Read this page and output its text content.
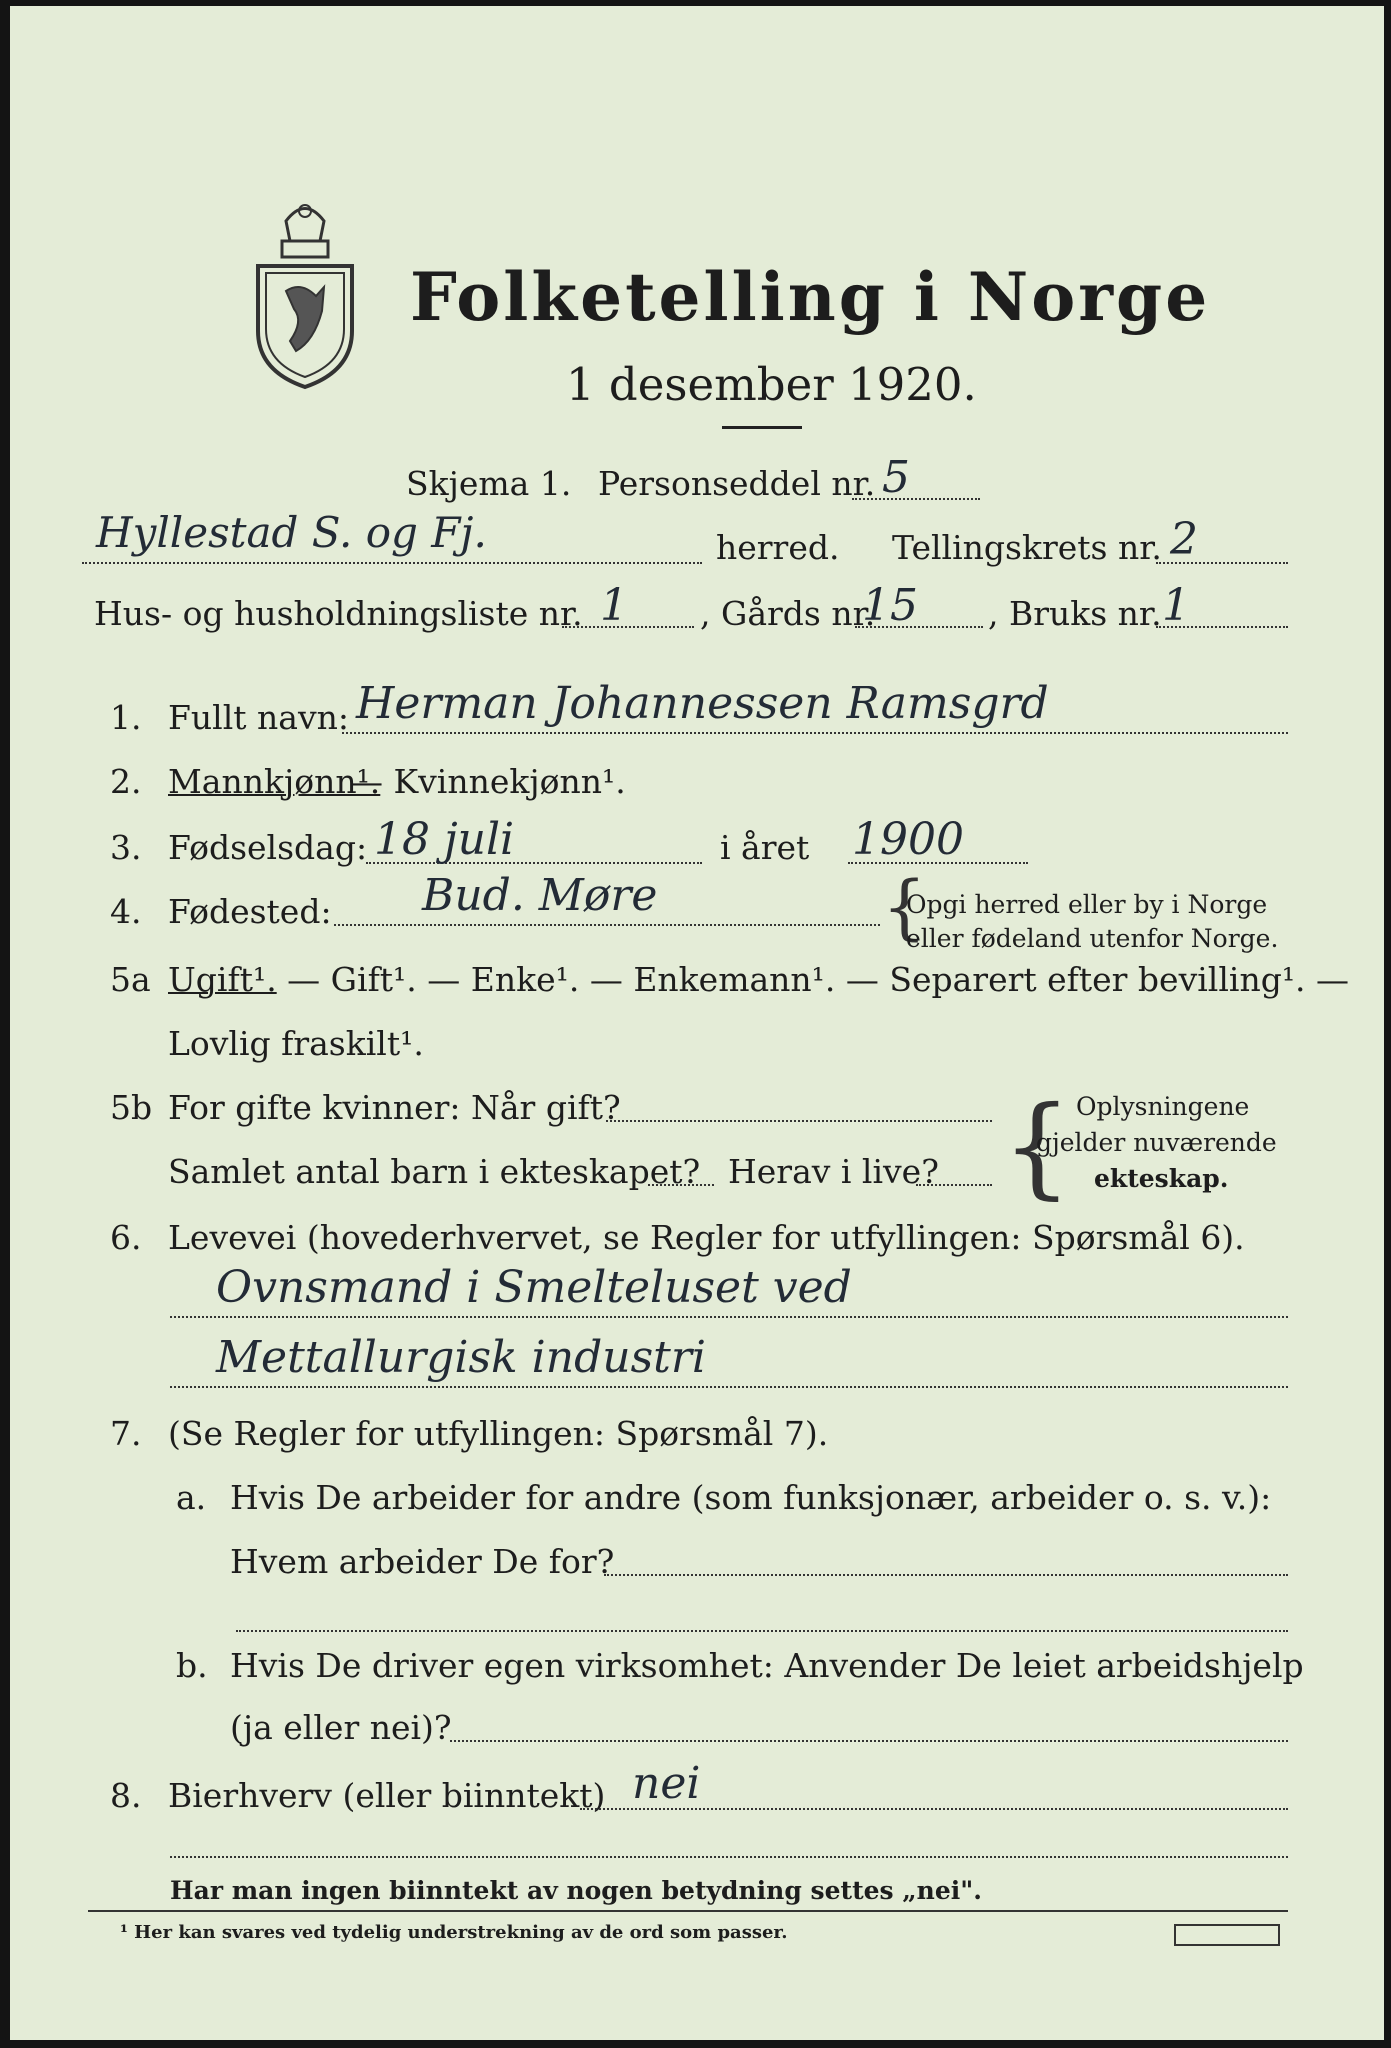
Folketelling i Norge
1 desember 1920.
Skjema 1. Personseddel nr. 5
Hyllestad S. og Fj.	herred. Tellingskrets nr. 2
Hus- og husholdningsliste nr. 1 , Gårds nr.
15 , Bruks nr. 1
1. Fullt navn: Herman Johannessen Ramsgrd
2. Mannkjønn¹.
— Kvinnekjønn¹.
3. Fødselsdag: 18 juli	i året 1900
4. Fødested: Bud. Møre	{
Opgi herred eller by i Norge
eller fødeland utenfor Norge.
5a Ugift¹. — Gift¹. — Enke¹. — Enkemann¹. — Separert efter bevilling¹. —
Lovlig fraskilt¹.
5b For gifte kvinner: Når gift?
Samlet antal barn i ekteskapet? Herav i live? { Oplysningene
gjelder nuværende
ekteskap.
6. Levevei (hovederhvervet, se Regler for utfyllingen: Spørsmål 6).
Ovnsmand i Smelteluset ved
Mettallurgisk industri
7. (Se Regler for utfyllingen: Spørsmål 7).
a. Hvis De arbeider for andre (som funksjonær, arbeider o. s. v.):
Hvem arbeider De for?
b. Hvis De driver egen virksomhet: Anvender De leiet arbeidshjelp
(ja eller nei)?
8. Bierhverv (eller biinntekt) nei
Har man ingen biinntekt av nogen betydning settes „nei".
¹ Her kan svares ved tydelig understrekning av de ord som passer.
